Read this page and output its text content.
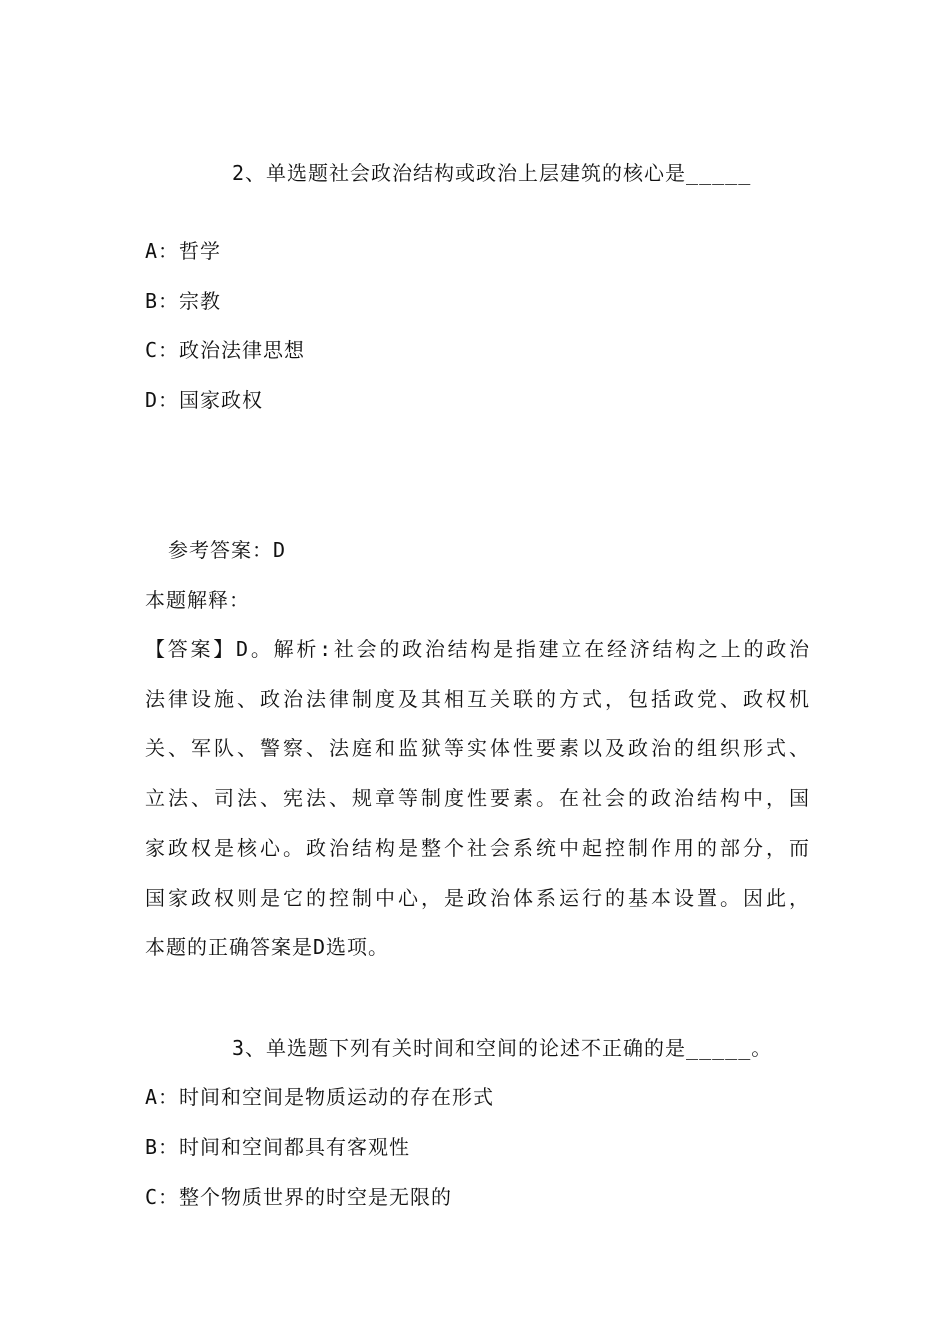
2、单选题社会政治结构或政治上层建筑的核心是_____
A：哲学
B：宗教
C：政治法律思想
D：国家政权
参考答案：D
本题解释：
【答案】D。解析:社会的政治结构是指建立在经济结构之上的政治
法律设施、政治法律制度及其相互关联的方式，包括政党、政权机
关、军队、警察、法庭和监狱等实体性要素以及政治的组织形式、
立法、司法、宪法、规章等制度性要素。在社会的政治结构中，国
家政权是核心。政治结构是整个社会系统中起控制作用的部分，而
国家政权则是它的控制中心，是政治体系运行的基本设置。因此，
本题的正确答案是D选项。
3、单选题下列有关时间和空间的论述不正确的是_____。
A：时间和空间是物质运动的存在形式
B：时间和空间都具有客观性
C：整个物质世界的时空是无限的
